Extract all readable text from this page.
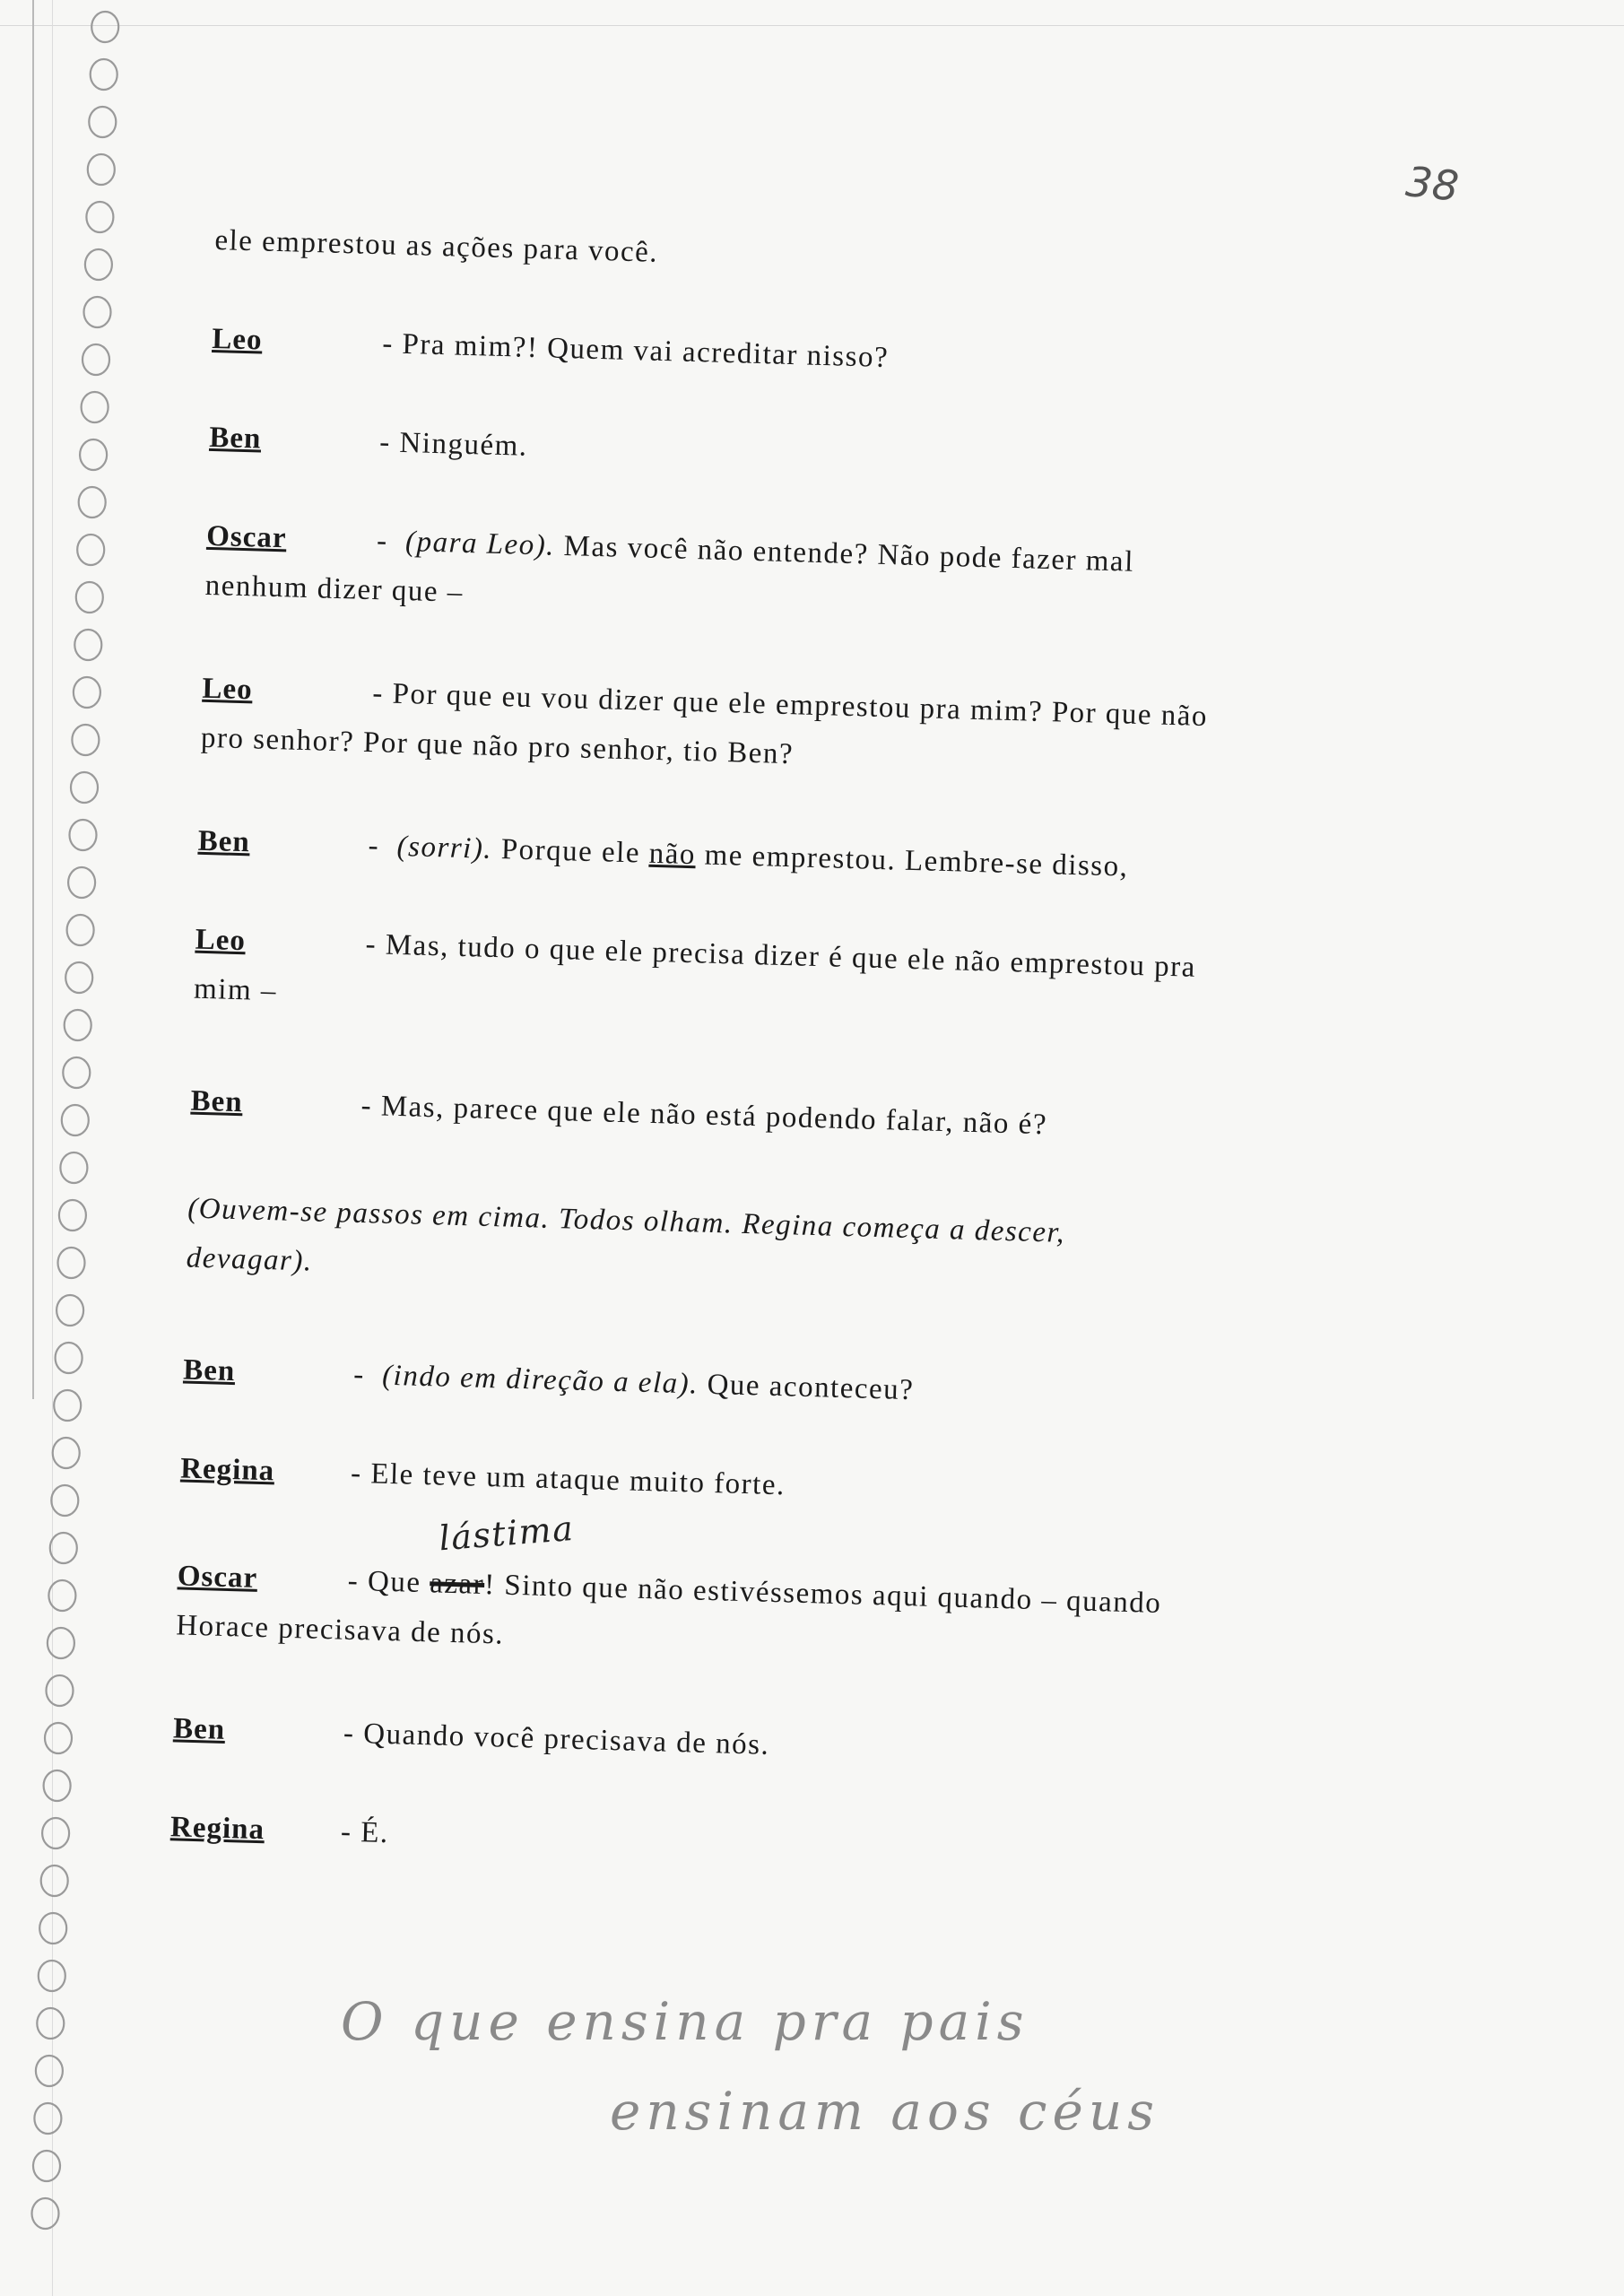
38
ele emprestou as ações para você.
Leo	- Pra mim?! Quem vai acreditar nisso?
Ben	- Ninguém.
Oscar	- (para Leo). Mas você não entende? Não pode fazer mal
nenhum dizer que –
Leo	- Por que eu vou dizer que ele emprestou pra mim? Por que não
pro senhor? Por que não pro senhor, tio Ben?
Ben	- (sorri). Porque ele não me emprestou. Lembre-se disso,
Leo	- Mas, tudo o que ele precisa dizer é que ele não emprestou pra
mim –
Ben	- Mas, parece que ele não está podendo falar, não é?
(Ouvem-se passos em cima. Todos olham. Regina começa a descer,
devagar).
Ben	- (indo em direção a ela). Que aconteceu?
Regina	- Ele teve um ataque muito forte.
Oscar	- Que azar! Sinto que não estivéssemos aqui quando – quando
lástima
Horace precisava de nós.
Ben	- Quando você precisava de nós.
Regina	- É.
O que ensina pra pais
ensinam aos céus
